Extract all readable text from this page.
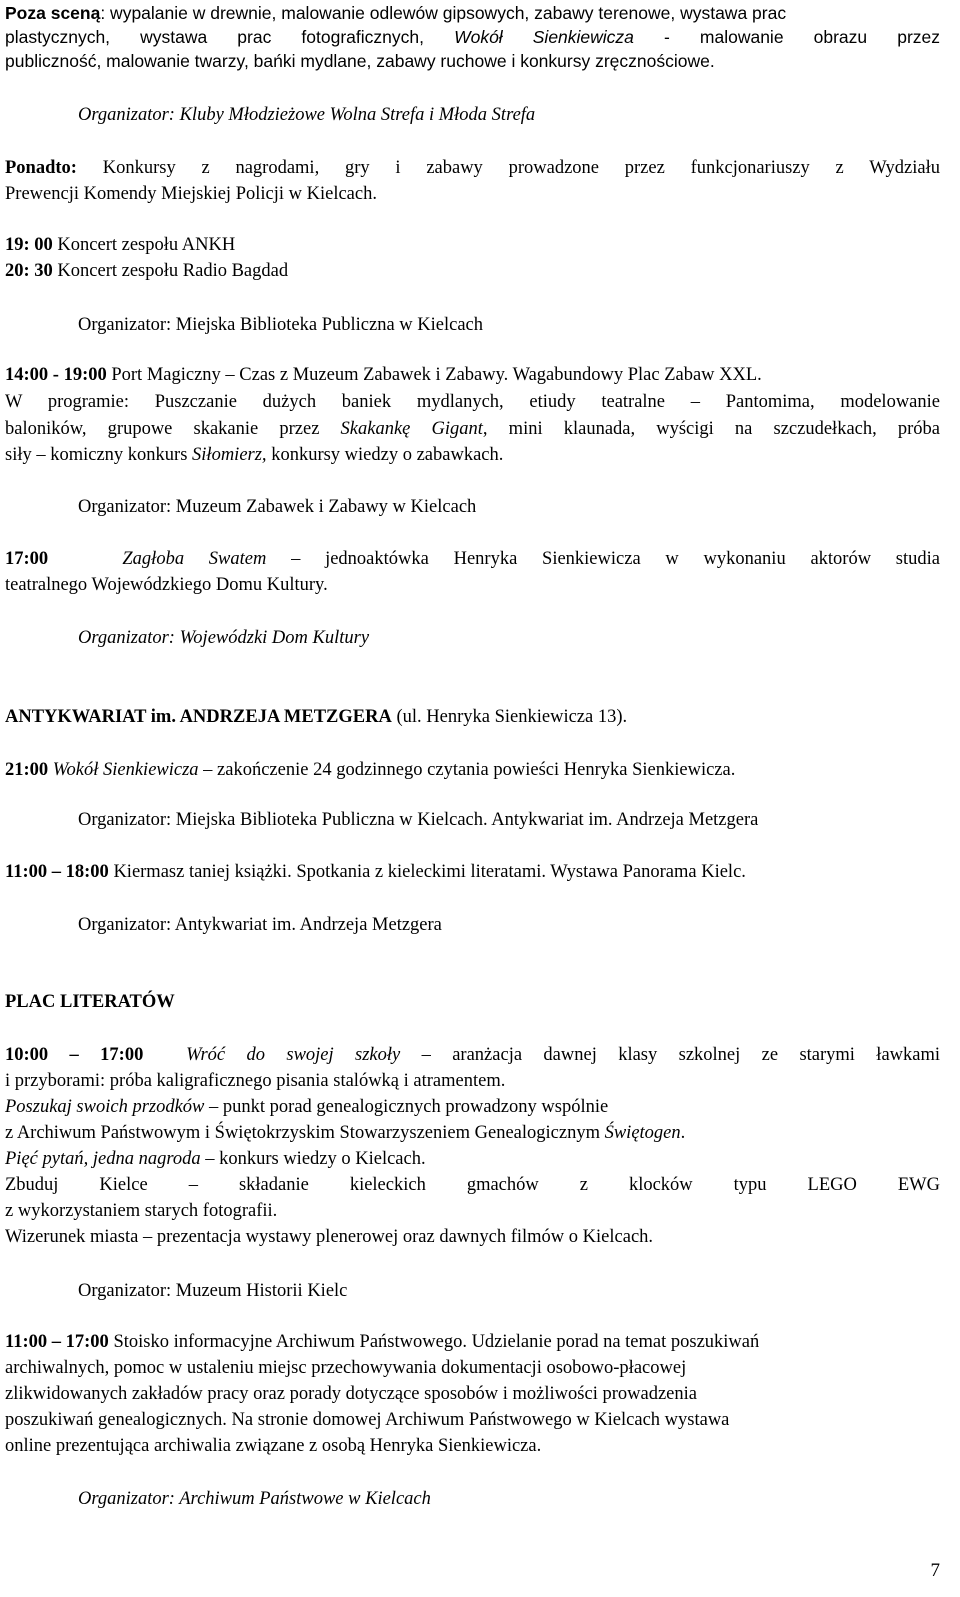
Poza sceną: wypalanie w drewnie, malowanie odlewów gipsowych, zabawy terenowe, wystawa prac
plastycznych, wystawa prac fotograficznych, Wokół Sienkiewicza - malowanie obrazu przez
publiczność, malowanie twarzy, bańki mydlane, zabawy ruchowe i konkursy zręcznościowe.
Organizator: Kluby Młodzieżowe Wolna Strefa i Młoda Strefa
Ponadto: Konkursy z nagrodami, gry i zabawy prowadzone przez funkcjonariuszy z Wydziału
Prewencji Komendy Miejskiej Policji w Kielcach.
19: 00 Koncert zespołu ANKH
20: 30 Koncert zespołu Radio Bagdad
Organizator: Miejska Biblioteka Publiczna w Kielcach
14:00 - 19:00 Port Magiczny – Czas z Muzeum Zabawek i Zabawy. Wagabundowy Plac Zabaw XXL.
W programie: Puszczanie dużych baniek mydlanych, etiudy teatralne – Pantomima, modelowanie
baloników, grupowe skakanie przez Skakankę Gigant, mini klaunada, wyścigi na szczudełkach, próba
siły – komiczny konkurs Siłomierz, konkursy wiedzy o zabawkach.
Organizator: Muzeum Zabawek i Zabawy w Kielcach
17:00	Zagłoba Swatem – jednoaktówka Henryka Sienkiewicza w wykonaniu aktorów studia
teatralnego Wojewódzkiego Domu Kultury.
Organizator: Wojewódzki Dom Kultury
ANTYKWARIAT im. ANDRZEJA METZGERA (ul. Henryka Sienkiewicza 13).
21:00 Wokół Sienkiewicza – zakończenie 24 godzinnego czytania powieści Henryka Sienkiewicza.
Organizator: Miejska Biblioteka Publiczna w Kielcach. Antykwariat im. Andrzeja Metzgera
11:00 – 18:00 Kiermasz taniej książki. Spotkania z kieleckimi literatami. Wystawa Panorama Kielc.
Organizator: Antykwariat im. Andrzeja Metzgera
PLAC LITERATÓW
10:00 – 17:00 Wróć do swojej szkoły – aranżacja dawnej klasy szkolnej ze starymi ławkami
i przyborami: próba kaligraficznego pisania stalówką i atramentem.
Poszukaj swoich przodków – punkt porad genealogicznych prowadzony wspólnie
z Archiwum Państwowym i Świętokrzyskim Stowarzyszeniem Genealogicznym Świętogen.
Pięć pytań, jedna nagroda – konkurs wiedzy o Kielcach.
Zbuduj Kielce – składanie kieleckich gmachów z klocków typu LEGO EWG
z wykorzystaniem starych fotografii.
Wizerunek miasta – prezentacja wystawy plenerowej oraz dawnych filmów o Kielcach.
Organizator: Muzeum Historii Kielc
11:00 – 17:00 Stoisko informacyjne Archiwum Państwowego. Udzielanie porad na temat poszukiwań
archiwalnych, pomoc w ustaleniu miejsc przechowywania dokumentacji osobowo-płacowej
zlikwidowanych zakładów pracy oraz porady dotyczące sposobów i możliwości prowadzenia
poszukiwań genealogicznych. Na stronie domowej Archiwum Państwowego w Kielcach wystawa
online prezentująca archiwalia związane z osobą Henryka Sienkiewicza.
Organizator: Archiwum Państwowe w Kielcach
7
